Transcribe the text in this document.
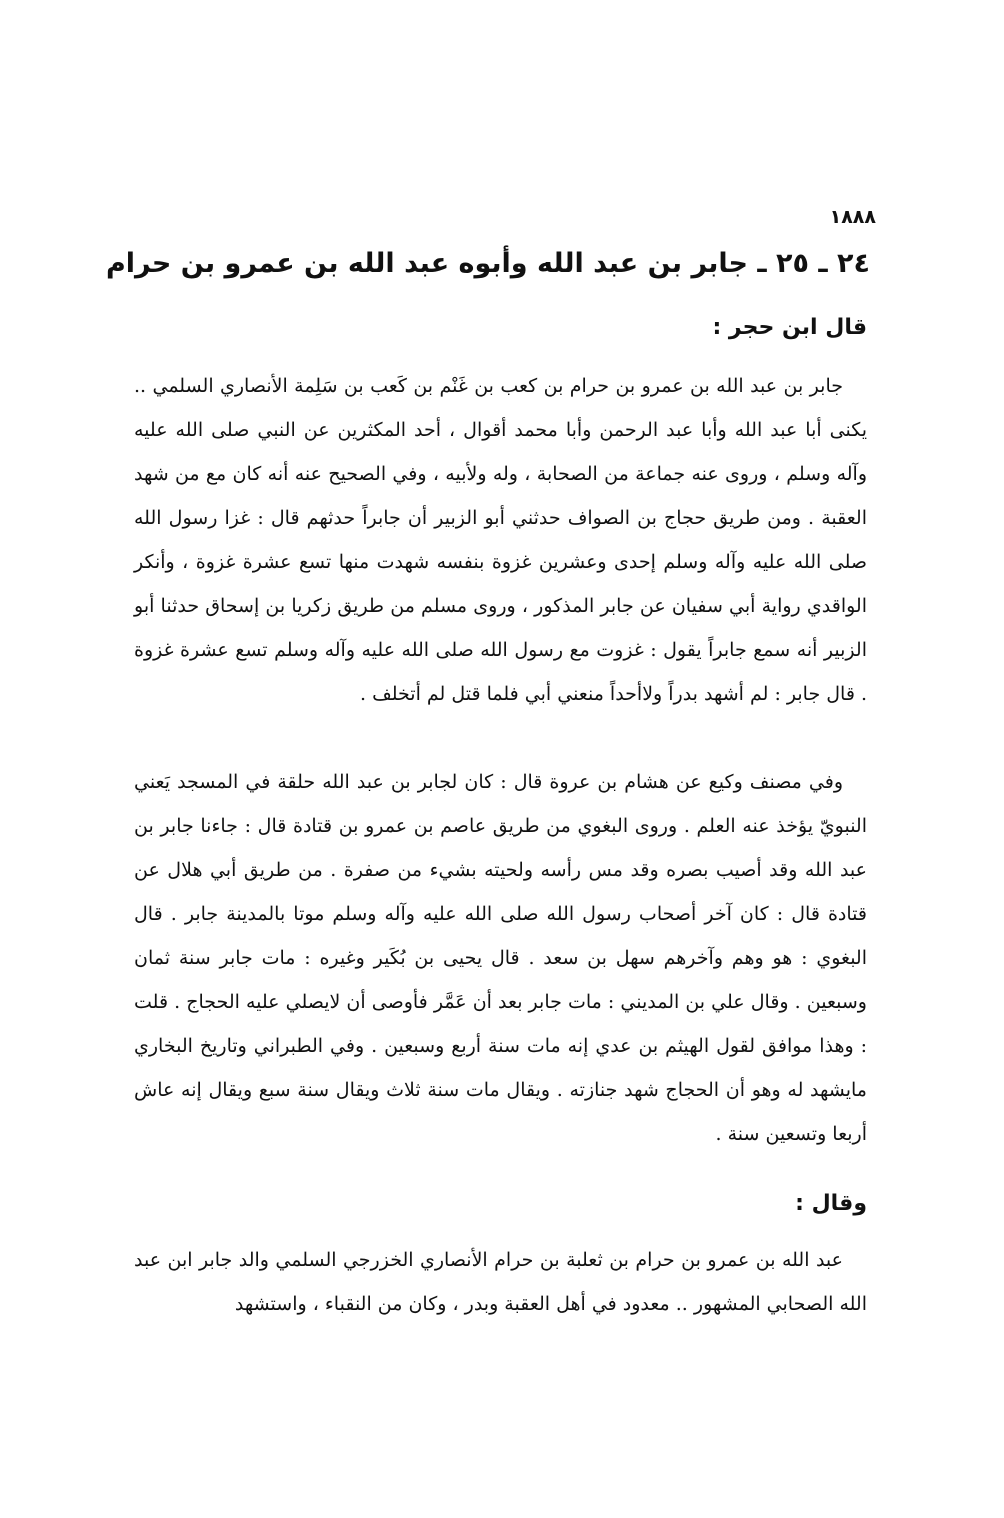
١٨٨٨
٢٤ ـ ٢٥ ـ جابر بن عبد الله وأبوه عبد الله بن عمرو بن حرام
قال ابن حجر :

جابر بن عبد الله بن عمرو بن حرام بن كعب بن غَنْم بن كَعب بن سَلِمة الأنصاري السلمي .. يكنى أبا عبد الله وأبا عبد الرحمن وأبا محمد أقوال ، أحد المكثرين عن النبي صلى الله عليه وآله وسلم ، وروى عنه جماعة من الصحابة ، وله ولأبيه ، وفي الصحيح عنه أنه كان مع من شهد العقبة . ومن طريق حجاج بن الصواف حدثني أبو الزبير أن جابراً حدثهم قال : غزا رسول الله صلى الله عليه وآله وسلم إحدى وعشرين غزوة بنفسه شهدت منها تسع عشرة غزوة ، وأنكر الواقدي رواية أبي سفيان عن جابر المذكور ، وروى مسلم من طريق زكريا بن إسحاق حدثنا أبو الزبير أنه سمع جابراً يقول : غزوت مع رسول الله صلى الله عليه وآله وسلم تسع عشرة غزوة . قال جابر : لم أشهد بدراً ولاأحداً منعني أبي فلما قتل لم أتخلف .

وفي مصنف وكيع عن هشام بن عروة قال : كان لجابر بن عبد الله حلقة في المسجد يَعني النبويّ يؤخذ عنه العلم . وروى البغوي من طريق عاصم بن عمرو بن قتادة قال : جاءنا جابر بن عبد الله وقد أصيب بصره وقد مس رأسه ولحيته بشيء من صفرة . من طريق أبي هلال عن قتادة قال : كان آخر أصحاب رسول الله صلى الله عليه وآله وسلم موتا بالمدينة جابر . قال البغوي : هو وهم وآخرهم سهل بن سعد . قال يحيى بن بُكَير وغيره : مات جابر سنة ثمان وسبعين . وقال علي بن المديني : مات جابر بعد أن عَمَّر فأوصى أن لايصلي عليه الحجاج . قلت : وهذا موافق لقول الهيثم بن عدي إنه مات سنة أربع وسبعين . وفي الطبراني وتاريخ البخاري مايشهد له وهو أن الحجاج شهد جنازته . ويقال مات سنة ثلاث ويقال سنة سبع ويقال إنه عاش أربعا وتسعين سنة .

وقال :

عبد الله بن عمرو بن حرام بن ثعلبة بن حرام الأنصاري الخزرجي السلمي والد جابر ابن عبد الله الصحابي المشهور .. معدود في أهل العقبة وبدر ، وكان من النقباء ، واستشهد
